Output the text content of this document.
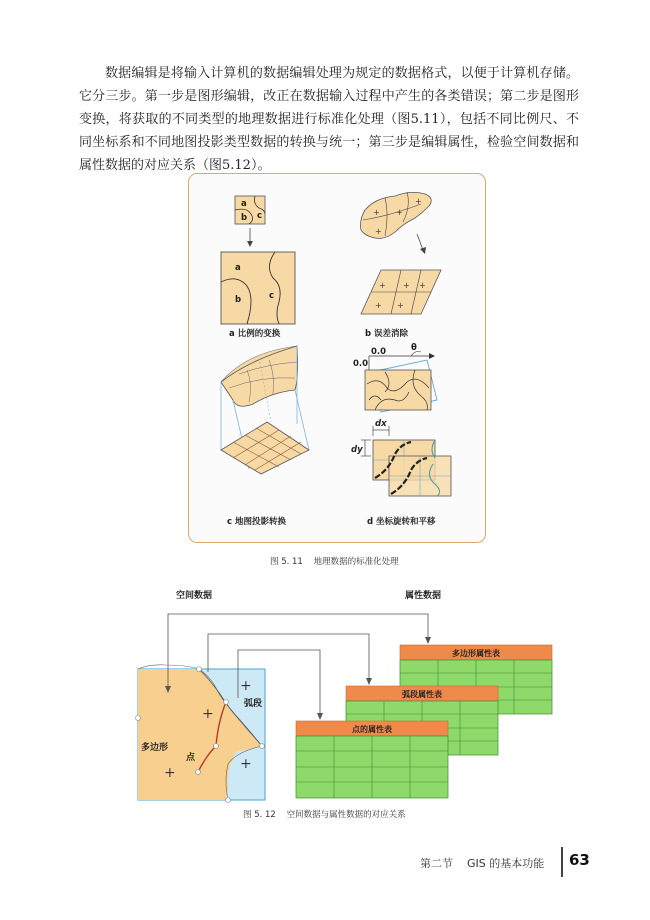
数据编辑是将输入计算机的数据编辑处理为规定的数据格式，以便于计算机存储。它分三步。第一步是图形编辑，改正在数据输入过程中产生的各类错误；第二步是图形变换，将获取的不同类型的地理数据进行标准化处理（图5.11），包括不同比例尺、不同坐标系和不同地图投影类型数据的转换与统一；第三步是编辑属性，检验空间数据和属性数据的对应关系（图5.12）。

a
b c
a
b	c
a 比例的变换
+ +
+
+
+ + +
+ +
b 误差消除
c 地图投影转换
0.0
0.0
θ
dx
dy
d 坐标旋转和平移
图 5. 11    地理数据的标准化处理
空间数据	属性数据
+
+
+
+
弧段
多边形
点
多边形属性表
弧段属性表
点的属性表
图 5. 12    空间数据与属性数据的对应关系
第二节    GIS 的基本功能 63
